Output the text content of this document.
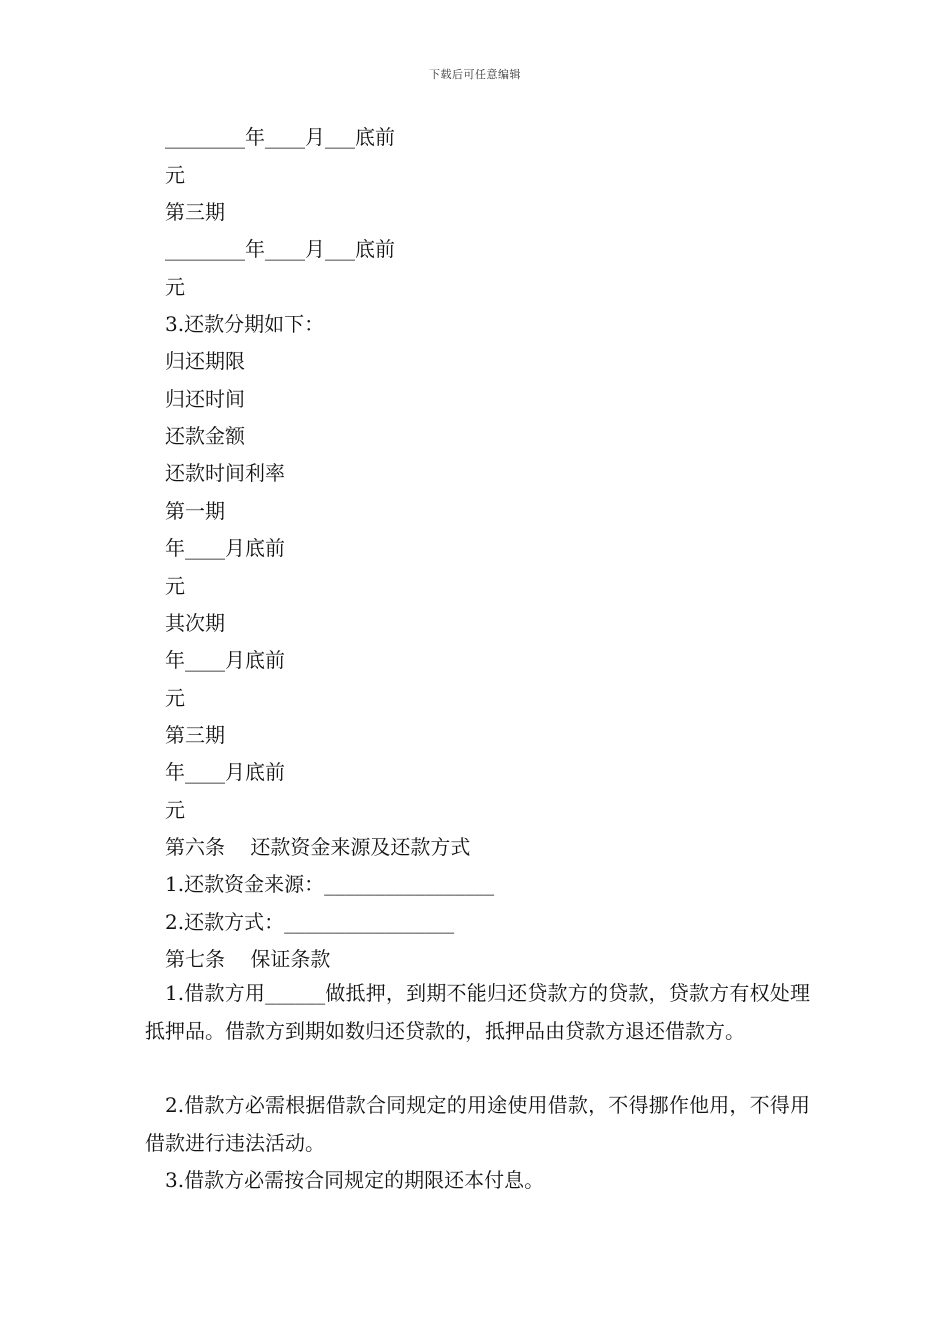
下载后可任意编辑
________年____月___底前
元
第三期
________年____月___底前
元
3.还款分期如下：
归还期限
归还时间
还款金额
还款时间利率
第一期
年____月底前
元
其次期
年____月底前
元
第三期
年____月底前
元
第六条    还款资金来源及还款方式
1.还款资金来源：_________________
2.还款方式：_________________
第七条    保证条款
1.借款方用______做抵押，到期不能归还贷款方的贷款，贷款方有权处理抵押品。借款方到期如数归还贷款的，抵押品由贷款方退还借款方。
2.借款方必需根据借款合同规定的用途使用借款，不得挪作他用，不得用借款进行违法活动。
3.借款方必需按合同规定的期限还本付息。
